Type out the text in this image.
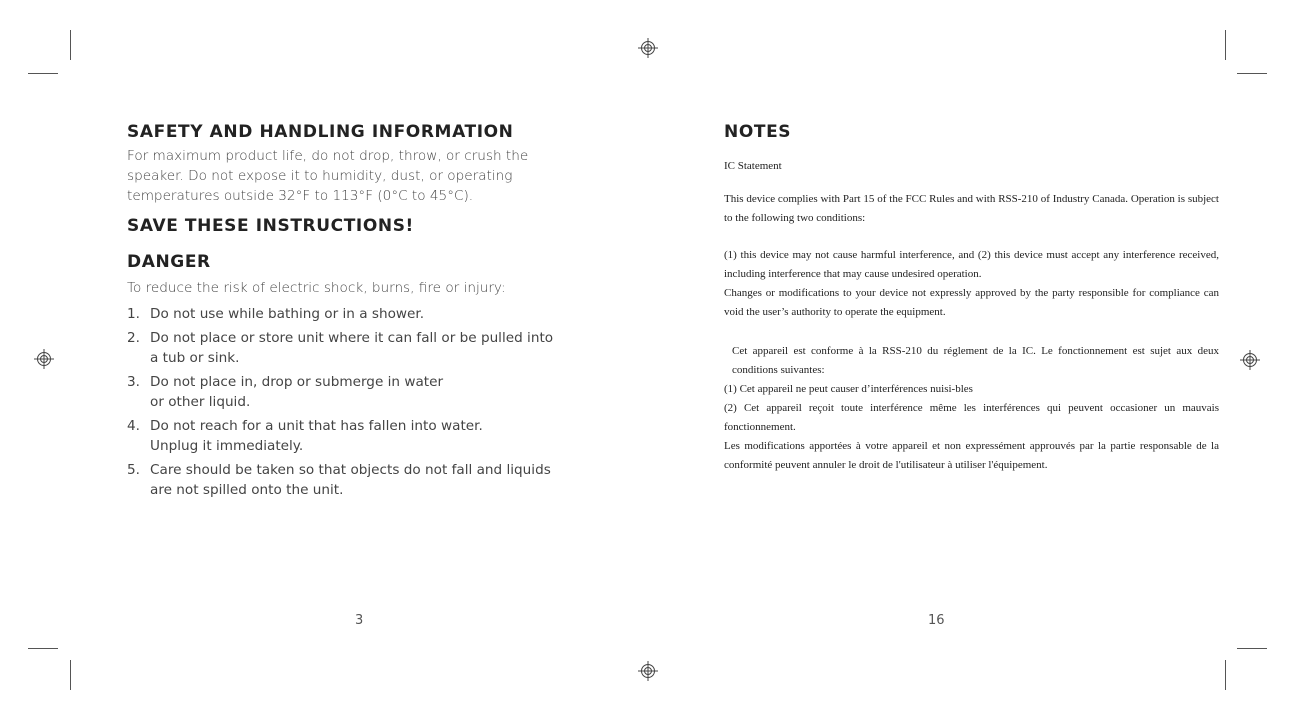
SAFETY AND HANDLING INFORMATION

For maximum product life, do not drop, throw, or crush the speaker. Do not expose it to humidity, dust, or operating temperatures outside 32°F to 113°F (0°C to 45°C).

SAVE THESE INSTRUCTIONS!
DANGER

To reduce the risk of electric shock, burns, fire or injury:

1. Do not use while bathing or in a shower.
2. Do not place or store unit where it can fall or be pulled into a tub or sink.
3. Do not place in, drop or submerge in water or other liquid.
4. Do not reach for a unit that has fallen into water. Unplug it immediately.
5. Care should be taken so that objects do not fall and liquids are not spilled onto the unit.
3
NOTES
IC Statement

This device complies with Part 15 of the FCC Rules and with RSS-210 of Industry Canada. Operation is subject to the following two conditions:

(1) this device may not cause harmful interference, and (2) this device must accept any interference received, including interference that may cause undesired operation.

Changes or modifications to your device not expressly approved by the party responsible for compliance can void the user’s authority to operate the equipment.

Cet appareil est conforme à la RSS-210 du réglement de la IC. Le fonctionnement est sujet aux deux conditions suivantes:

(1) Cet appareil ne peut causer d’interférences nuisi-bles

(2) Cet appareil reçoit toute interférence même les interférences qui peuvent occasioner un mauvais fonctionnement.

Les modifications apportées à votre appareil et non expressément approuvés par la partie responsable de la conformité peuvent annuler le droit de l'utilisateur à utiliser l'équipement.

16
